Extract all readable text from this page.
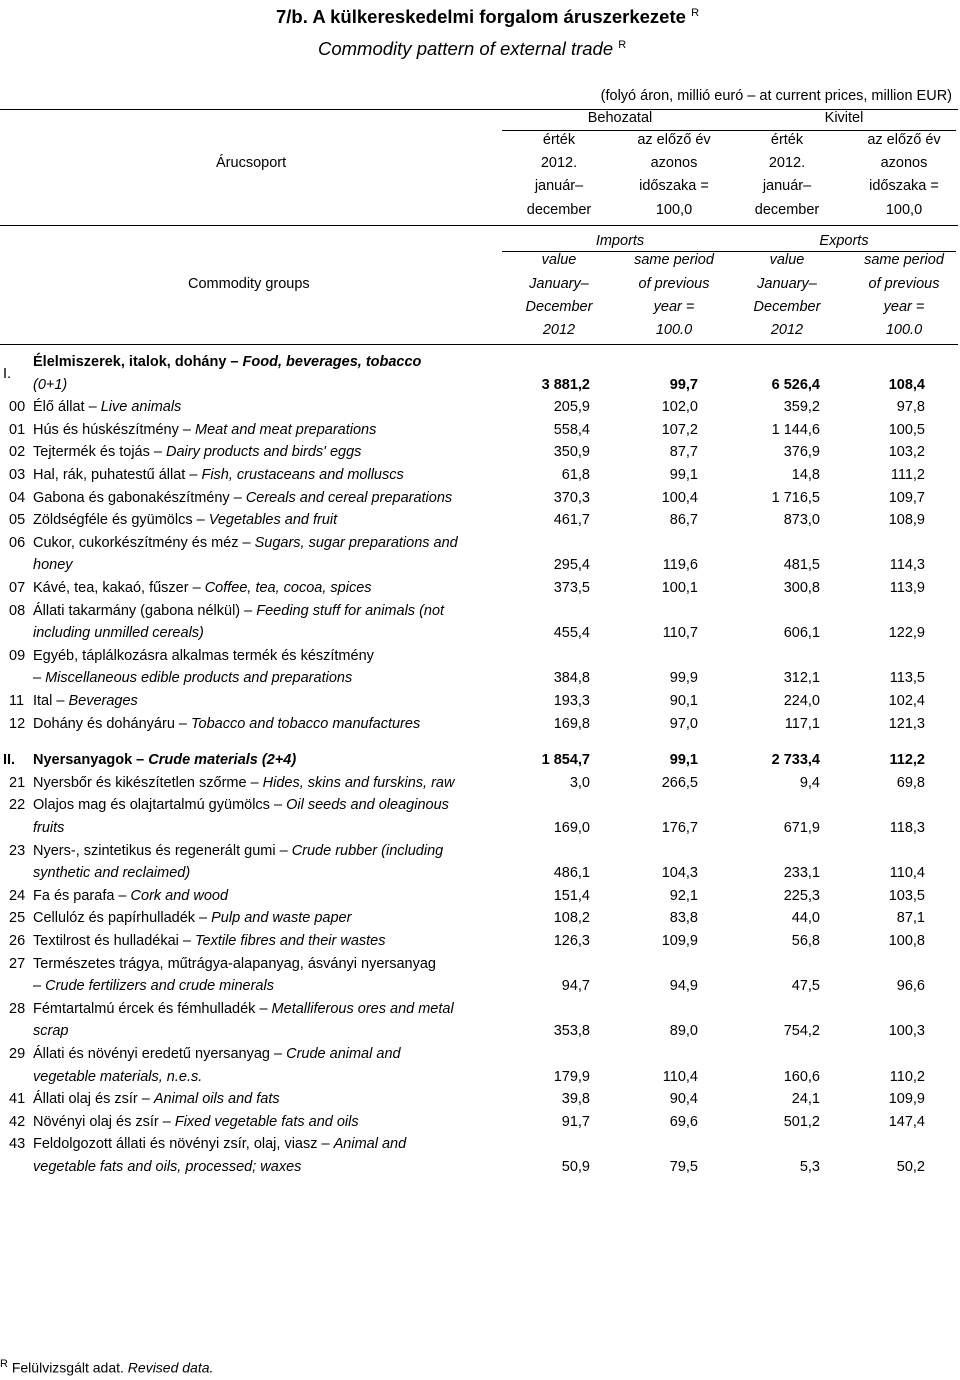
7/b. A külkereskedelmi forgalom áruszerkezete $^R$
Commodity pattern of external trade $^R$
(folyó áron, millió euró – at current prices, million EUR)
Behozatal	Kivitel
érték	az előző év	érték	az előző év
2012.	azonos	2012.	azonos
január–	időszaka =	január–	időszaka =
december	100,0	december	100,0
Árucsoport
Imports	Exports
value	same period	value	same period
January–	of previous	January–	of previous
December	year =	December	year =
2012	100.0	2012	100.0
Commodity groups
I.
Élelmiszerek, italok, dohány – Food, beverages, tobacco
(0+1)	3 881,2	99,7	6 526,4	108,4
00 Élő állat – Live animals	205,9	102,0	359,2	97,8
01 Hús és húskészítmény – Meat and meat preparations	558,4	107,2	1 144,6	100,5
02 Tejtermék és tojás – Dairy products and birds' eggs	350,9	87,7	376,9	103,2
03 Hal, rák, puhatestű állat – Fish, crustaceans and molluscs	61,8	99,1	14,8	111,2
04 Gabona és gabonakészítmény – Cereals and cereal preparations	370,3	100,4	1 716,5	109,7
05 Zöldségféle és gyümölcs – Vegetables and fruit	461,7	86,7	873,0	108,9
06 Cukor, cukorkészítmény és méz – Sugars, sugar preparations and
honey	295,4	119,6	481,5	114,3
07 Kávé, tea, kakaó, fűszer – Coffee, tea, cocoa, spices	373,5	100,1	300,8	113,9
08 Állati takarmány (gabona nélkül) – Feeding stuff for animals (not
including unmilled cereals)	455,4	110,7	606,1	122,9
09 Egyéb, táplálkozásra alkalmas termék és készítmény
– Miscellaneous edible products and preparations	384,8	99,9	312,1	113,5
11 Ital – Beverages	193,3	90,1	224,0	102,4
12 Dohány és dohányáru – Tobacco and tobacco manufactures	169,8	97,0	117,1	121,3
II. Nyersanyagok – Crude materials (2+4)	1 854,7	99,1	2 733,4	112,2
21 Nyersbőr és kikészítetlen szőrme – Hides, skins and furskins, raw	3,0	266,5	9,4	69,8
22 Olajos mag és olajtartalmú gyümölcs – Oil seeds and oleaginous
fruits	169,0	176,7	671,9	118,3
23 Nyers-, szintetikus és regenerált gumi – Crude rubber (including
synthetic and reclaimed)	486,1	104,3	233,1	110,4
24 Fa és parafa – Cork and wood	151,4	92,1	225,3	103,5
25 Cellulóz és papírhulladék – Pulp and waste paper	108,2	83,8	44,0	87,1
26 Textilrost és hulladékai – Textile fibres and their wastes	126,3	109,9	56,8	100,8
27 Természetes trágya, műtrágya-alapanyag, ásványi nyersanyag
– Crude fertilizers and crude minerals	94,7	94,9	47,5	96,6
28 Fémtartalmú ércek és fémhulladék – Metalliferous ores and metal
scrap	353,8	89,0	754,2	100,3
29 Állati és növényi eredetű nyersanyag – Crude animal and
vegetable materials, n.e.s.	179,9	110,4	160,6	110,2
41 Állati olaj és zsír – Animal oils and fats	39,8	90,4	24,1	109,9
42 Növényi olaj és zsír – Fixed vegetable fats and oils	91,7	69,6	501,2	147,4
43 Feldolgozott állati és növényi zsír, olaj, viasz – Animal and
vegetable fats and oils, processed; waxes	50,9	79,5	5,3	50,2
$^R$ Felülvizsgált adat. Revised data.
